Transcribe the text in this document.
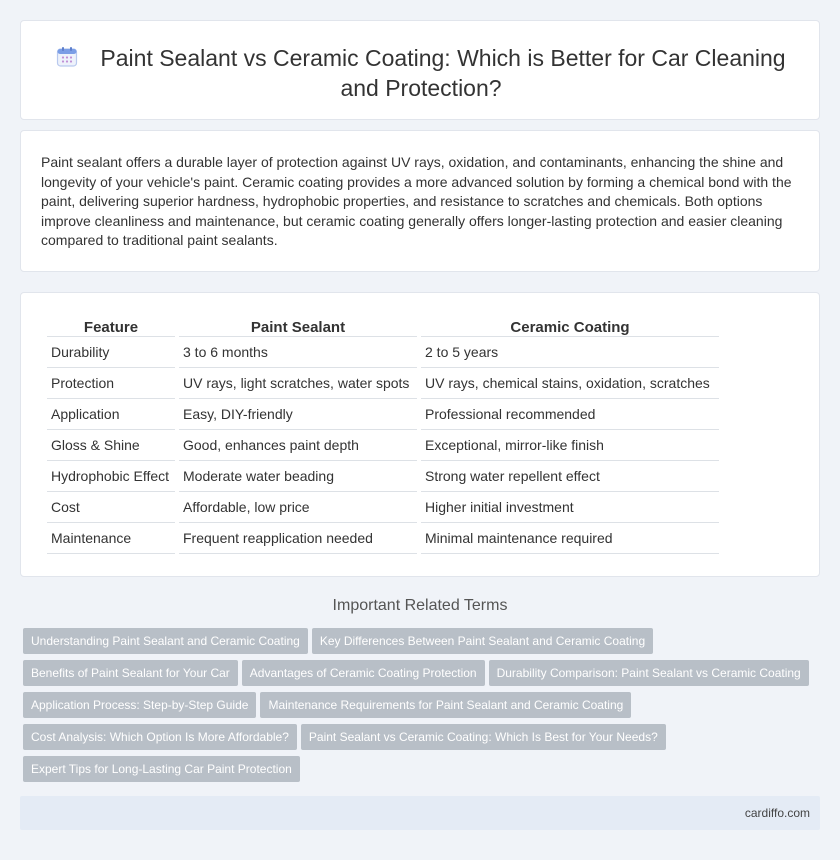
Paint Sealant vs Ceramic Coating: Which is Better for Car Cleaning and Protection?

Paint sealant offers a durable layer of protection against UV rays, oxidation, and contaminants, enhancing the shine and longevity of your vehicle's paint. Ceramic coating provides a more advanced solution by forming a chemical bond with the paint, delivering superior hardness, hydrophobic properties, and resistance to scratches and chemicals. Both options improve cleanliness and maintenance, but ceramic coating generally offers longer-lasting protection and easier cleaning compared to traditional paint sealants.

Feature	Paint Sealant	Ceramic Coating
Durability	3 to 6 months	2 to 5 years
Protection	UV rays, light scratches, water spots	UV rays, chemical stains, oxidation, scratches
Application	Easy, DIY-friendly	Professional recommended
Gloss & Shine	Good, enhances paint depth	Exceptional, mirror-like finish
Hydrophobic Effect	Moderate water beading	Strong water repellent effect
Cost	Affordable, low price	Higher initial investment
Maintenance	Frequent reapplication needed	Minimal maintenance required
Important Related Terms
Understanding Paint Sealant and Ceramic Coating Key Differences Between Paint Sealant and Ceramic Coating
Benefits of Paint Sealant for Your Car Advantages of Ceramic Coating Protection Durability Comparison: Paint Sealant vs Ceramic Coating
Application Process: Step-by-Step Guide Maintenance Requirements for Paint Sealant and Ceramic Coating
Cost Analysis: Which Option Is More Affordable? Paint Sealant vs Ceramic Coating: Which Is Best for Your Needs?
Expert Tips for Long-Lasting Car Paint Protection
cardiffo.com
